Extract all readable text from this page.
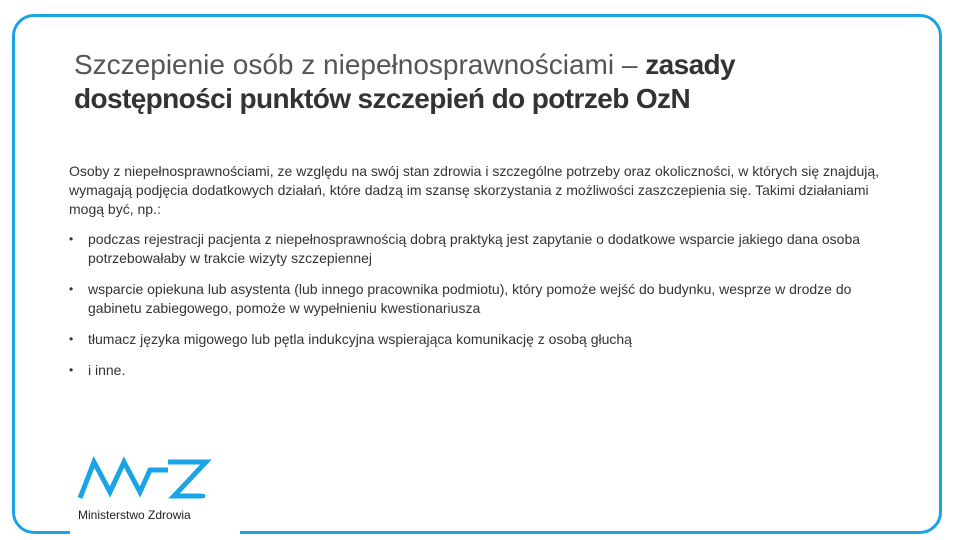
Szczepienie osób z niepełnosprawnościami – zasady dostępności punktów szczepień do potrzeb OzN
Osoby z niepełnosprawnościami, ze względu na swój stan zdrowia i szczególne potrzeby oraz okoliczności, w których się znajdują, wymagają podjęcia dodatkowych działań, które dadzą im szansę skorzystania z możliwości zaszczepienia się. Takimi działaniami mogą być, np.:
• podczas rejestracji pacjenta z niepełnosprawnością dobrą praktyką jest zapytanie o dodatkowe wsparcie jakiego dana osoba potrzebowałaby w trakcie wizyty szczepiennej
• wsparcie opiekuna lub asystenta (lub innego pracownika podmiotu), który pomoże wejść do budynku, wesprze w drodze do gabinetu zabiegowego, pomoże w wypełnieniu kwestionariusza
• tłumacz języka migowego lub pętla indukcyjna wspierająca komunikację z osobą głuchą
• i inne.
Ministerstwo Zdrowia
